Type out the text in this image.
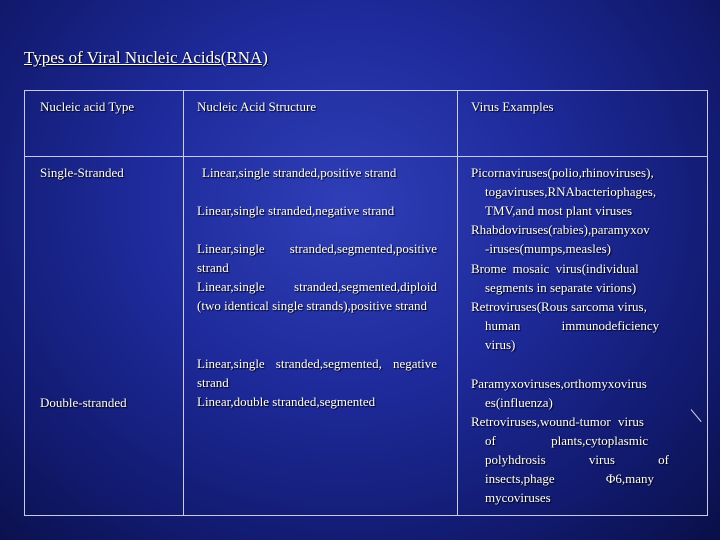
Types of Viral Nucleic Acids(RNA)
Nucleic acid Type	Nucleic Acid Structure	Virus Examples
Single-Stranded
Double-stranded
Linear,single stranded,positive strand
Linear,single stranded,negative strand
Linear,single stranded,segmented,positive strand
Linear,single stranded,segmented,diploid (two identical single strands),positive strand
Linear,single stranded,segmented, negative strand
Linear,double stranded,segmented
Picornaviruses(polio,rhinoviruses),
togaviruses,RNAbacteriophages,
TMV,and most plant viruses
Rhabdoviruses(rabies),paramyxov
-iruses(mumps,measles)
Brome mosaic virus(individual
segments in separate virions)
Retroviruses(Rous sarcoma virus,
human immunodeficiency
virus)
Paramyxoviruses,orthomyxovirus
es(influenza)
Retroviruses,wound-tumor virus
of plants,cytoplasmic
polyhdrosis virus of
insects,phage Φ6,many
mycoviruses
